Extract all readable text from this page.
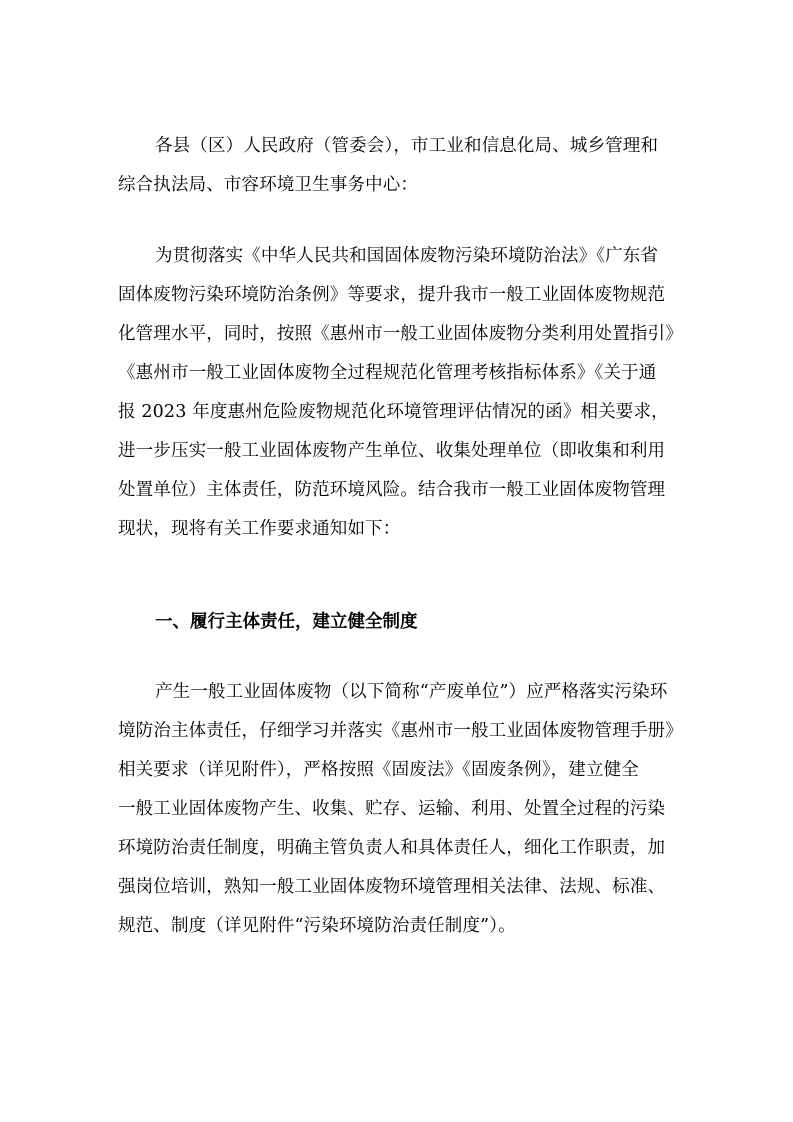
各县（区）人民政府（管委会），市工业和信息化局、城乡管理和
综合执法局、市容环境卫生事务中心：
为贯彻落实《中华人民共和国固体废物污染环境防治法》《广东省
固体废物污染环境防治条例》等要求，提升我市一般工业固体废物规范
化管理水平，同时，按照《惠州市一般工业固体废物分类利用处置指引》
《惠州市一般工业固体废物全过程规范化管理考核指标体系》《关于通
报 2023 年度惠州危险废物规范化环境管理评估情况的函》相关要求，
进一步压实一般工业固体废物产生单位、收集处理单位（即收集和利用
处置单位）主体责任，防范环境风险。结合我市一般工业固体废物管理
现状，现将有关工作要求通知如下：
一、履行主体责任，建立健全制度
产生一般工业固体废物（以下简称“产废单位”）应严格落实污染环
境防治主体责任，仔细学习并落实《惠州市一般工业固体废物管理手册》
相关要求（详见附件），严格按照《固废法》《固废条例》，建立健全
一般工业固体废物产生、收集、贮存、运输、利用、处置全过程的污染
环境防治责任制度，明确主管负责人和具体责任人，细化工作职责，加
强岗位培训，熟知一般工业固体废物环境管理相关法律、法规、标准、
规范、制度（详见附件“污染环境防治责任制度”）。
